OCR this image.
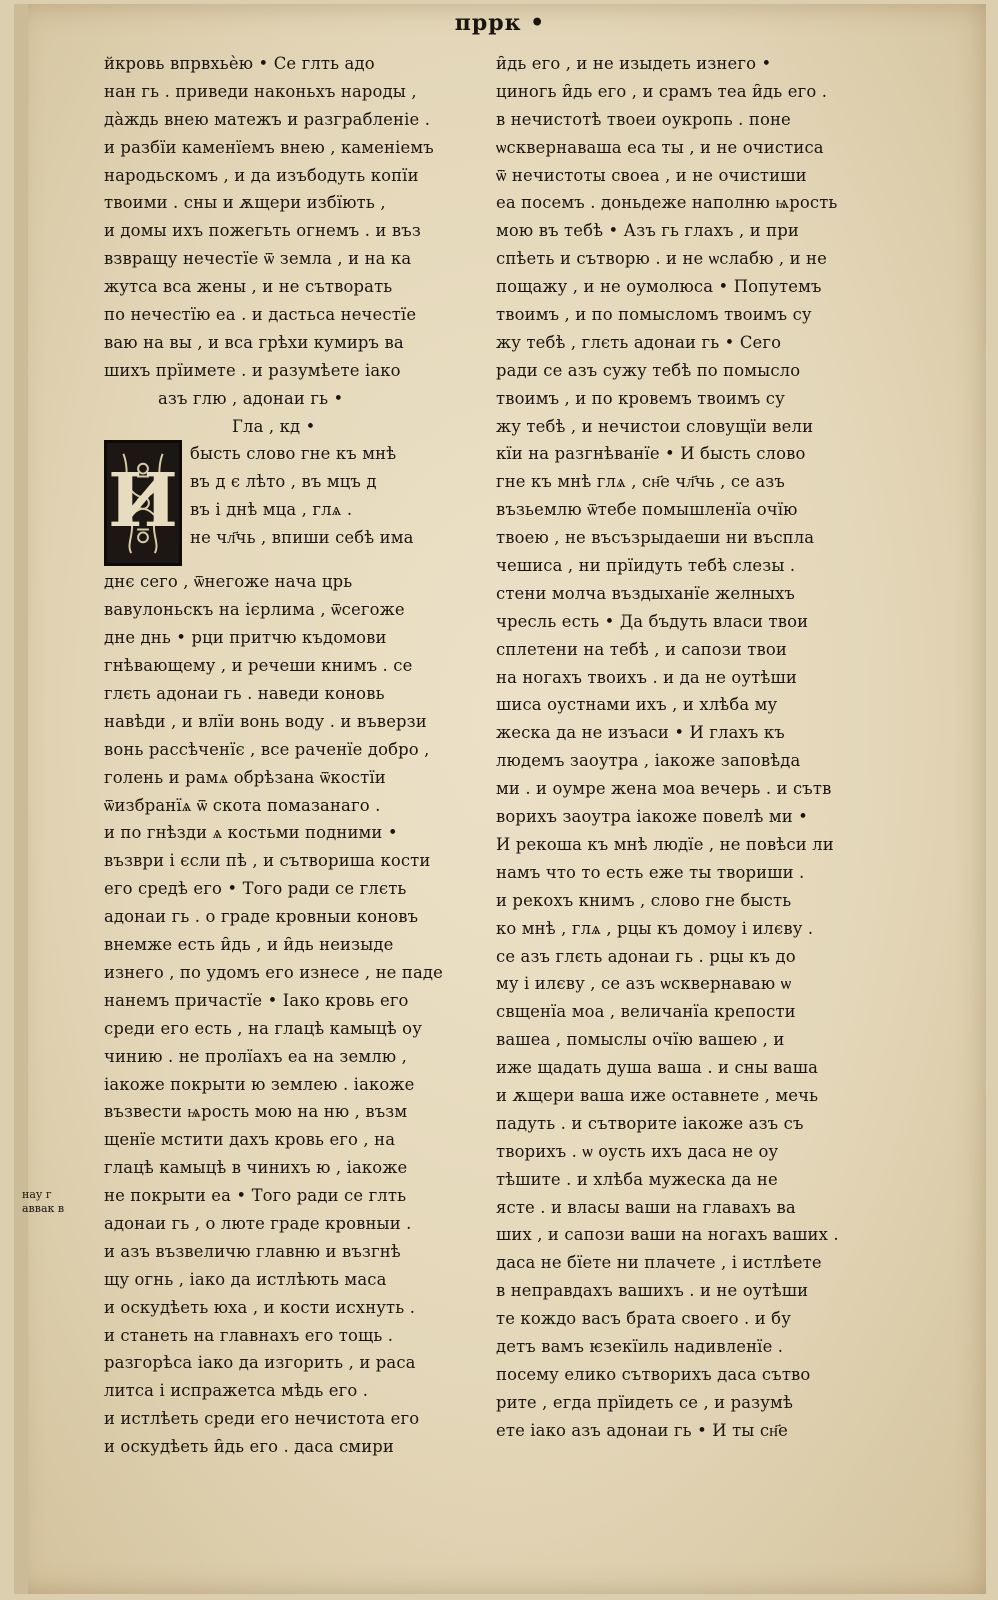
пррк •
нау г
аввак в
йкровь впрвхьѐю • Се глть адо
нан гь . приведи наконьхъ народы ,
да̀ждь внею матежъ и разграбленіе .
и разбїи каменїемъ внею , каменіемъ
народьскомъ , и да изъбодуть копїи
твоими . сны и ѫщери избїють ,
и домы ихъ пожегьть огнемъ . и въз
взвращу нечестїе ѿ земла , и на ка
жутса вса жены , и не сътворать
по нечестїю еа . и дастьса нечестїе
ваю на вы , и вса грѣхи кумиръ ва
шихъ прїимете . и разумѣете іако
азъ глю , адонаи гь •
Гла , кд •
И
бысть слово гне къ мнѣ
въ д є лѣто , въ мцъ д
въ і днѣ мца , глѧ .
не чл҃чь , впиши себѣ има
днє сего , ѿнегоже нача црь
вавулоньскъ на ієрлима , ѿсегоже
дне днь • рци притчю къдомови
гнѣвающему , и речеши книмъ . се
глєть адонаи гь . наведи коновь
навѣди , и влїи вонь воду . и въверзи
вонь рассѣченїє , все раченїе добро ,
голень и рамѧ обрѣзана ѿкостїи
ѿизбранїѧ ѿ скота помазанаго .
и по гнѣзди ѧ костьми подними •
възври і єсли пѣ , и сътвориша кости
его средѣ его • Того ради се глєть
адонаи гь . о граде кровныи коновъ
внемже есть и̑дь , и и̑дь неизыде
изнего , по удомъ его изнесе , не паде
нанемъ причастїе • Іако кровь его
среди его есть , на глацѣ камыцѣ оу
чинию . не пролїахъ еа на землю ,
іакоже покрыти ю землею . іакоже
възвести ѩрость мою на ню , възм
щенїе мстити дахъ кровь его , на
глацѣ камыцѣ в чинихъ ю , іакоже
не покрыти еа • Того ради се глть
адонаи гь , о люте граде кровныи .
и азъ възвеличю главню и възгнѣ
щу огнь , іако да истлѣють маса
и оскудѣеть юха , и кости исхнуть .
и станеть на главнахъ его тощь .
разгорѣса іако да изгорить , и раса
литса і испражетса мѣдь его .
и истлѣеть среди его нечистота его
и оскудѣеть и̑дь его . даса смири
и̑дь его , и не изыдеть изнего •
циногь и̑дь его , и срамъ теа и̑дь его .
в нечистотѣ твоеи оукропь . поне
ѡсквернаваша еса ты , и не очистиса
ѿ нечистоты своеа , и не очистиши
еа посемъ . доньдеже наполню ѩрость
мою въ тебѣ • Азъ гь глахъ , и при
спѣеть и сътворю . и не ѡслабю , и не
пощажу , и не оумолюса • Попутемъ
твоимъ , и по помысломъ твоимъ су
жу тебѣ , глєть адонаи гь • Сего
ради се азъ сужу тебѣ по помысло
твоимъ , и по кровемъ твоимъ су
жу тебѣ , и нечистои словущїи вели
кїи на разгнѣванїе • И бысть слово
гне къ мнѣ глѧ , сн҃е чл҃чь , се азъ
възьемлю ѿтебе помышленїа очїю
твоею , не въсъзрыдаеши ни въспла
чешиса , ни прїидуть тебѣ слезы .
стени молча въздыханїе желныхъ
чресль есть • Да бъдуть власи твои
сплетени на тебѣ , и сапози твои
на ногахъ твоихъ . и да не оутѣши
шиса оустнами ихъ , и хлѣба му
жеска да не изъаси • И глахъ къ
людемъ заоутра , іакоже заповѣда
ми . и оумре жена моа вечерь . и сътв
ворихъ заоутра іакоже повелѣ ми •
И рекоша къ мнѣ людїе , не повѣси ли
намъ что то есть еже ты твориши .
и рекохъ книмъ , слово гне бысть
ко мнѣ , глѧ , рцы къ домоу і илєву .
се азъ глєть адонаи гь . рцы къ до
му і илєву , се азъ ѡсквернаваю ѡ
свщенїа моа , величанїа крепости
вашеа , помыслы очїю вашею , и
иже щадать душа ваша . и сны ваша
и ѫщери ваша иже оставнете , мечь
падуть . и сътворите іакоже азъ съ
творихъ . ѡ оусть ихъ даса не оу
тѣшите . и хлѣба мужеска да не
ясте . и власы ваши на главахъ ва
ших , и сапози ваши на ногахъ ваших .
даса не бїете ни плачете , і истлѣете
в неправдахъ вашихъ . и не оутѣши
те кождо васъ брата своего . и бу
детъ вамъ ѥзекїиль надивленїе .
посему елико сътворихъ даса сътво
рите , егда прїидеть се , и разумѣ
ете іако азъ адонаи гь • И ты сн҃е
